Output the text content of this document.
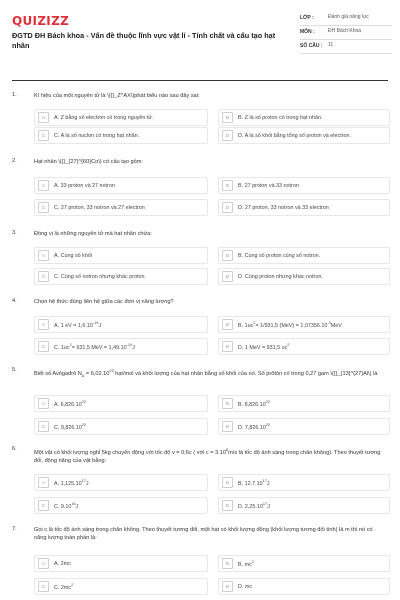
QUIZIZZ
ĐGTD ĐH Bách khoa - Vấn đề thuộc lĩnh vực vật lí - Tính chất và cấu tạo hạt nhân
LỚP :	Đánh giá năng lực
MÔN :	ĐH Bách Khoa
SỐ CÂU :	11
1.	Kí hiệu của một nguyên tử là \({}_Z^AX\)phát biểu nào sau đây sai:
A	A. Z bằng số electron có trong nguyên tử.	B	B. Z là số proton có trong hạt nhân.
C	C. A là số nuclon có trong hạt nhân.	D	D. A là số khối bằng tổng số proton và electron.
2.	Hạt nhân \({}_{27}^{60}Co\) có cấu tạo gồm:
A	A. 33 proton và 27 notron	B	B. 27 proton và 33 notron
C	C. 27 proton, 33 notron và 27 electron	D	D. 27 proton, 33 notron và 33 electron
3.	Đồng vị là những nguyên tử mà hạt nhân chứa:
A	A. Cùng số khối	B	B. Cùng số proton cùng số notron.
C	C. Cùng số notron nhưng khác proton.	D	D. Cùng proton nhưng khác notron.
4.	Chọn hệ thức đúng liên hệ giữa các đơn vị năng lượng?
A	A. 1 eV = $1,6.10^{-19}J$	B	B. $1uc^2= 1/931,5$ $(MeV) = 1,07356.10^{-3}MeV$
C	C. $1uc^2= 931,5$ MeV = $1,49.10^{-10}J$	D	D. 1 MeV = 931,5 $uc^2$
5.
Biết số Avôgađrô $N_A = 6,02.10^{23}$ hạt/mol và khối lượng của hạt nhân bằng số khối của nó. Số prôtôn có trong 0,27 gam \({}_{13}^{27}Al\) là
A	A. 6,826.10$^{22}$	B	B. 8,826.10$^{22}$
C	C. 9,826.10$^{22}$	D	D. 7,826.10$^{22}$
6.
Một vật có khối lượng nghỉ 5kg chuyển động với tốc độ v = 0,6c ( với $c = 3.10^8m/s$ là tốc độ ánh sáng trong chân không). Theo thuyết tương đối, động năng của vật bằng:
A	A. 1,125.10$^{17}$J	B	B. 12,7.10$^{17}$J
C	C. 9.10$^{16}$J	D	D. 2,25.10$^{17}$J
7.	Gọi c là tốc độ ánh sáng trong chân không. Theo thuyết tương đối, một hạt có khối lượng động (khối lượng tương đối tính) là m thì nó có năng lượng toàn phần là:
A	A. 2mc	B	B. $mc^2$
C	C. $2mc^2$	D	D. mc
